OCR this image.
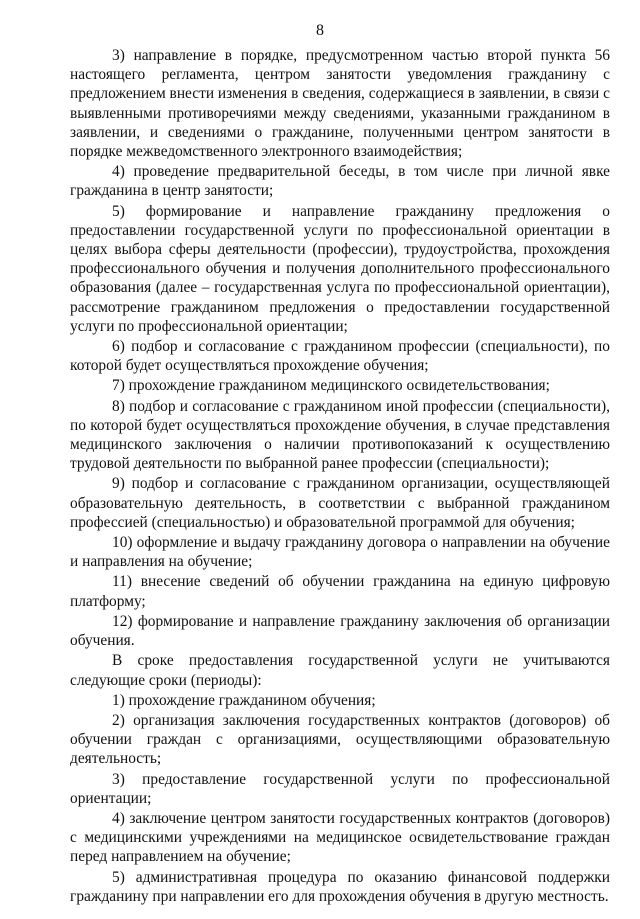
8

3) направление в порядке, предусмотренном частью второй пункта 56 настоящего регламента, центром занятости уведомления гражданину с предложением внести изменения в сведения, содержащиеся в заявлении, в связи с выявленными противоречиями между сведениями, указанными гражданином в заявлении, и сведениями о гражданине, полученными центром занятости в порядке межведомственного электронного взаимодействия;

4) проведение предварительной беседы, в том числе при личной явке гражданина в центр занятости;

5) формирование и направление гражданину предложения о предоставлении государственной услуги по профессиональной ориентации в целях выбора сферы деятельности (профессии), трудоустройства, прохождения профессионального обучения и получения дополнительного профессионального образования (далее – государственная услуга по профессиональной ориентации), рассмотрение гражданином предложения о предоставлении государственной услуги по профессиональной ориентации;

6) подбор и согласование с гражданином профессии (специальности), по которой будет осуществляться прохождение обучения;

7) прохождение гражданином медицинского освидетельствования;

8) подбор и согласование с гражданином иной профессии (специальности), по которой будет осуществляться прохождение обучения, в случае представления медицинского заключения о наличии противопоказаний к осуществлению трудовой деятельности по выбранной ранее профессии (специальности);

9) подбор и согласование с гражданином организации, осуществляющей образовательную деятельность, в соответствии с выбранной гражданином профессией (специальностью) и образовательной программой для обучения;

10) оформление и выдачу гражданину договора о направлении на обучение и направления на обучение;

11) внесение сведений об обучении гражданина на единую цифровую платформу;

12) формирование и направление гражданину заключения об организации обучения.

В сроке предоставления государственной услуги не учитываются следующие сроки (периоды):

1) прохождение гражданином обучения;

2) организация заключения государственных контрактов (договоров) об обучении граждан с организациями, осуществляющими образовательную деятельность;

3) предоставление государственной услуги по профессиональной ориентации;

4) заключение центром занятости государственных контрактов (договоров) с медицинскими учреждениями на медицинское освидетельствование граждан перед направлением на обучение;

5) административная процедура по оказанию финансовой поддержки гражданину при направлении его для прохождения обучения в другую местность.
